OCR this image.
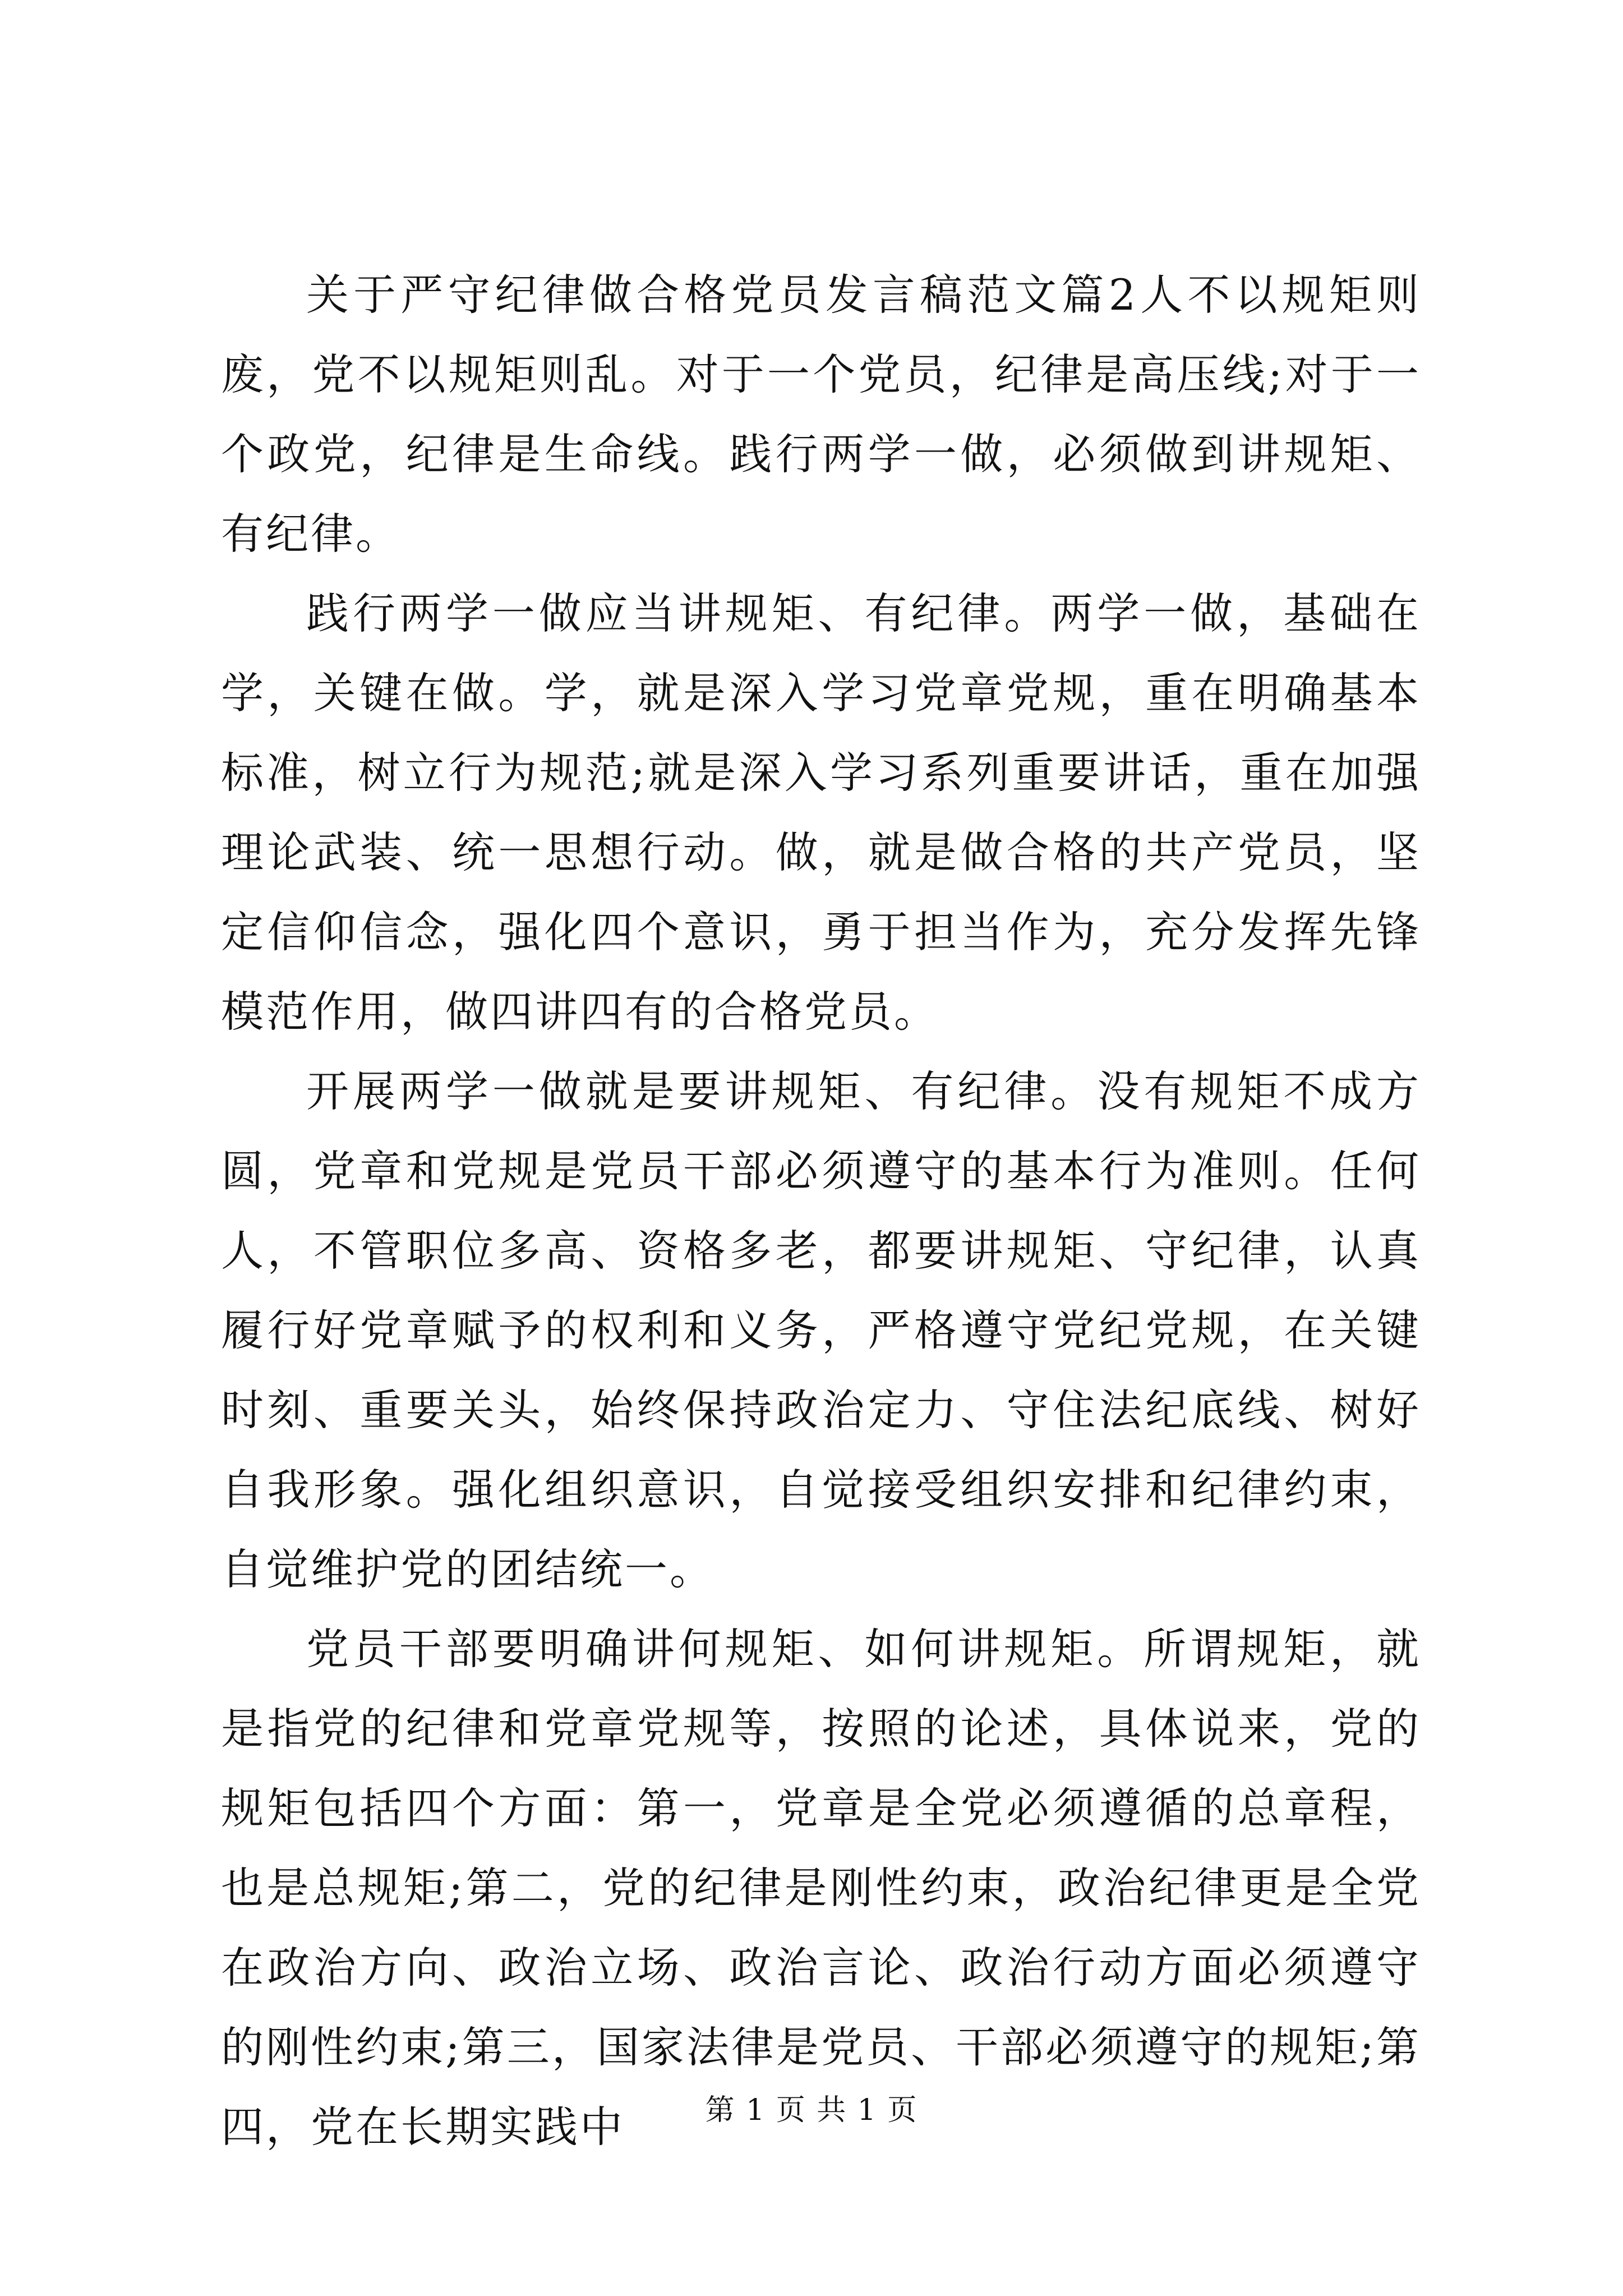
关于严守纪律做合格党员发言稿范文篇2人不以规矩则废，党不以规矩则乱。对于一个党员，纪律是高压线;对于一个政党，纪律是生命线。践行两学一做，必须做到讲规矩、有纪律。

践行两学一做应当讲规矩、有纪律。两学一做，基础在学，关键在做。学，就是深入学习党章党规，重在明确基本标准，树立行为规范;就是深入学习系列重要讲话，重在加强理论武装、统一思想行动。做，就是做合格的共产党员，坚定信仰信念，强化四个意识，勇于担当作为，充分发挥先锋模范作用，做四讲四有的合格党员。

开展两学一做就是要讲规矩、有纪律。没有规矩不成方圆，党章和党规是党员干部必须遵守的基本行为准则。任何人，不管职位多高、资格多老，都要讲规矩、守纪律，认真履行好党章赋予的权利和义务，严格遵守党纪党规，在关键时刻、重要关头，始终保持政治定力、守住法纪底线、树好自我形象。强化组织意识，自觉接受组织安排和纪律约束，自觉维护党的团结统一。

党员干部要明确讲何规矩、如何讲规矩。所谓规矩，就是指党的纪律和党章党规等，按照的论述，具体说来，党的规矩包括四个方面：第一，党章是全党必须遵循的总章程，也是总规矩;第二，党的纪律是刚性约束，政治纪律更是全党在政治方向、政治立场、政治言论、政治行动方面必须遵守的刚性约束;第三，国家法律是党员、干部必须遵守的规矩;第四，党在长期实践中	第 1 页 共 1 页
